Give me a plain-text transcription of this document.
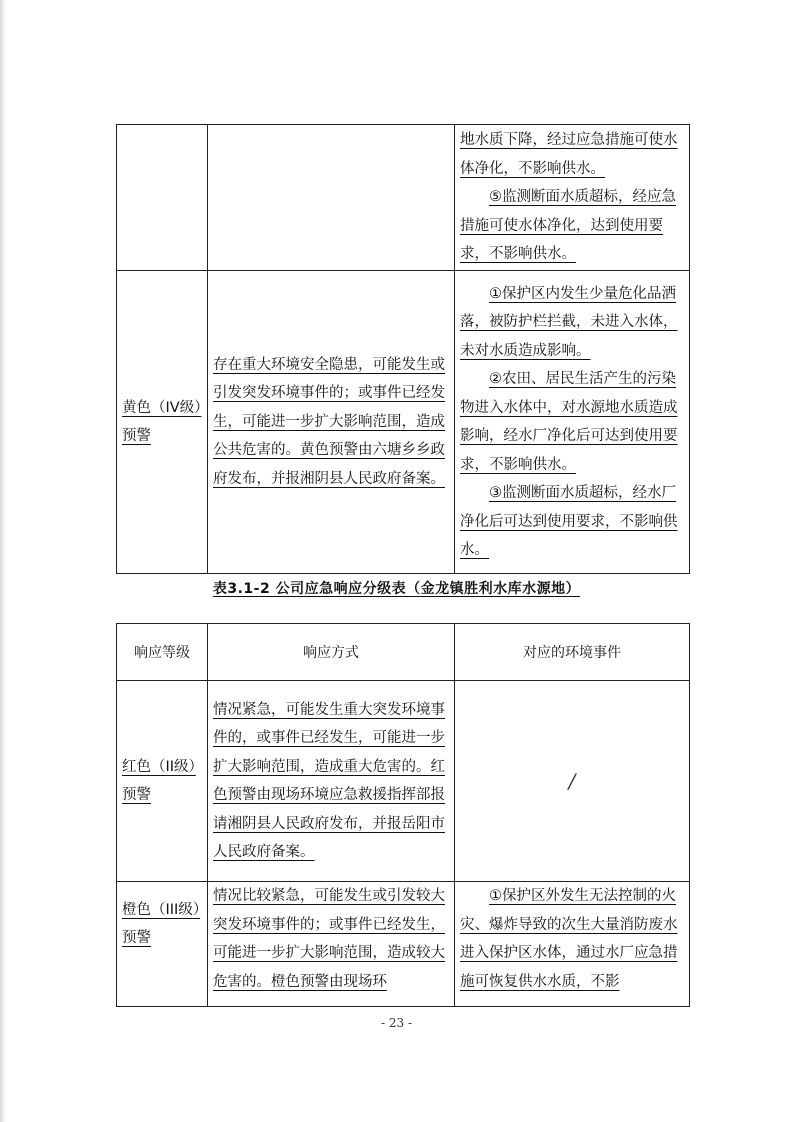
		地水质下降，经过应急措施可使水体净化，不影响供水。

⑤监测断面水质超标，经应急措施可使水体净化，达到使用要求，不影响供水。

黄色（IV级）预警	存在重大环境安全隐患，可能发生或引发突发环境事件的；或事件已经发生，可能进一步扩大影响范围，造成公共危害的。黄色预警由六塘乡乡政府发布，并报湘阴县人民政府备案。	①保护区内发生少量危化品洒落，被防护栏拦截，未进入水体，未对水质造成影响。

②农田、居民生活产生的污染物进入水体中，对水源地水质造成影响，经水厂净化后可达到使用要求，不影响供水。

③监测断面水质超标，经水厂净化后可达到使用要求，不影响供水。

表3.1-2 公司应急响应分级表（金龙镇胜利水库水源地）
响应等级	响应方式	对应的环境事件

红色（II级）预警	情况紧急，可能发生重大突发环境事件的，或事件已经发生，可能进一步扩大影响范围，造成重大危害的。红色预警由现场环境应急救援指挥部报请湘阴县人民政府发布，并报岳阳市人民政府备案。	/

橙色（III级）预警	情况比较紧急，可能发生或引发较大突发环境事件的；或事件已经发生，可能进一步扩大影响范围，造成较大危害的。橙色预警由现场环	①保护区外发生无法控制的火灾、爆炸导致的次生大量消防废水进入保护区水体，通过水厂应急措施可恢复供水水质，不影
- 23 -
